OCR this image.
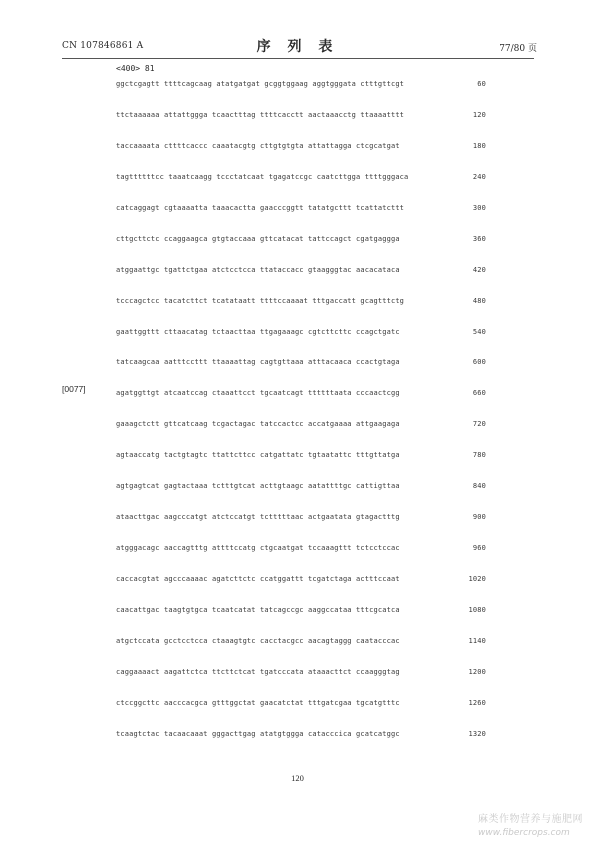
CN 107846861 A	序 列 表	77/80 页
<400> 81
[0077]
ggctcgagtt ttttcagcaag atatgatgat gcggtggaag aggtgggata ctttgttcgt	60
ttctaaaaaa attattggga tcaactttag ttttcacctt aactaaacctg ttaaaatttt	120
taccaaaata cttttcaccc caaatacgtg cttgtgtgta attattagga ctcgcatgat	180
tagttttttcc taaatcaagg tccctatcaat tgagatccgc caatcttgga ttttgggaca	240
catcaggagt cgtaaaatta taaacactta gaacccggtt tatatgcttt tcattatcttt	300
cttgcttctc ccaggaagca gtgtaccaaa gttcatacat tattccagct cgatgaggga	360
atggaattgc tgattctgaa atctcctcca ttataccacc gtaagggtac aacacataca	420
tcccagctcc tacatcttct tcatataatt ttttccaaaat tttgaccatt gcagtttctg	480
gaattggttt cttaacatag tctaacttaa ttgagaaagc cgtcttcttc ccagctgatc	540
tatcaagcaa aatttccttt ttaaaattag cagtgttaaa atttacaaca ccactgtaga	600
agatggttgt atcaatccag ctaaattcct tgcaatcagt ttttttaata cccaactcgg	660
gaaagctctt gttcatcaag tcgactagac tatccactcc accatgaaaa attgaagaga	720
agtaaccatg tactgtagtc ttattcttcc catgattatc tgtaatattc tttgttatga	780
agtgagtcat gagtactaaa tctttgtcat acttgtaagc aatattttgc cattigttaa	840
ataacttgac aagcccatgt atctccatgt tctttttaac actgaatata gtagactttg	900
atgggacagc aaccagtttg attttccatg ctgcaatgat tccaaagttt tctcctccac	960
caccacgtat agcccaaaac agatcttctc ccatggattt tcgatctaga actttccaat	1020
caacattgac taagtgtgca tcaatcatat tatcagccgc aaggccataa tttcgcatca	1080
atgctccata gcctcctcca ctaaagtgtc cacctacgcc aacagtaggg caatacccac	1140
caggaaaact aagattctca ttcttctcat tgatcccata ataaacttct ccaagggtag	1200
ctccggcttc aacccacgca gtttggctat gaacatctat tttgatcgaa tgcatgtttc	1260
tcaagtctac tacaacaaat gggacttgag atatgtggga catacccica gcatcatggc	1320
120
麻类作物营养与施肥网
www.fibercrops.com
